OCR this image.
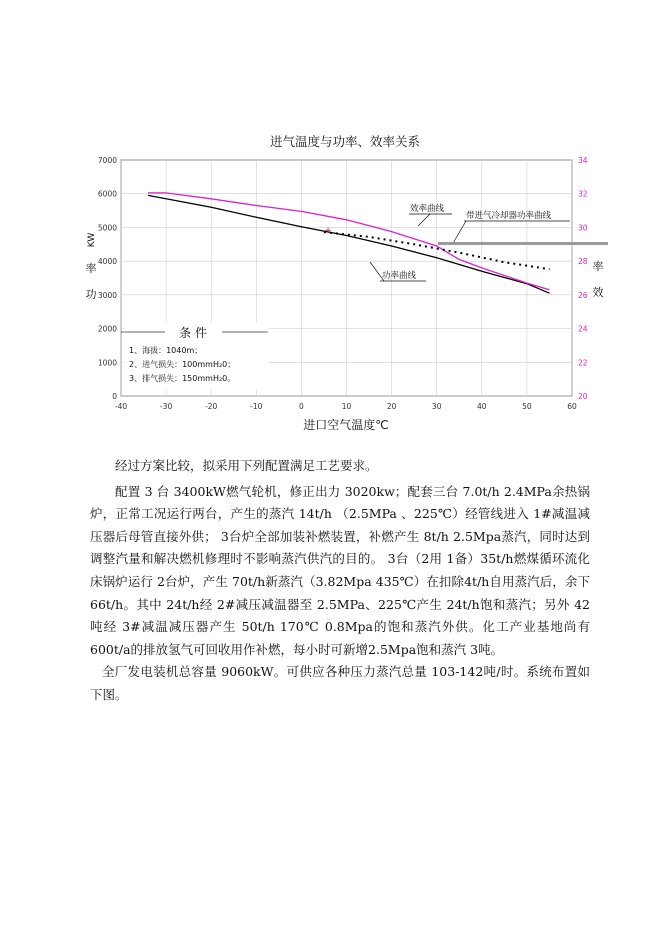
进气温度与功率、效率关系
0
1000
2000
3000
4000
5000
6000
7000
20
22
24
26
28
30
32
34
-40	-30	-20	-10	0	10	20	30	40	50	60
条 件
1、海拔：1040m；
2、进气损失：100mmH₂0；
3、排气损失：150mmH₂0。
效率曲线
带进气冷却器功率曲线
功率曲线
+
进口空气温度℃
功
率
KW
效
率

经过方案比较，拟采用下列配置满足工艺要求。

配置 3 台 3400kW燃气轮机，修正出力 3020kw；配套三台 7.0t/h 2.4MPa余热锅炉，正常工况运行两台，产生的蒸汽 14t/h （2.5MPa 、225℃）经管线进入 1#减温减压器后母管直接外供； 3台炉全部加装补燃装置，补燃产生 8t/h 2.5Mpa蒸汽，同时达到调整汽量和解决燃机修理时不影响蒸汽供汽的目的。 3台（2用 1备）35t/h燃煤循环流化床锅炉运行 2台炉，产生 70t/h新蒸汽（3.82Mpa 435℃）在扣除4t/h自用蒸汽后，余下 66t/h。其中 24t/h经 2#减压减温器至 2.5MPa、225℃产生 24t/h饱和蒸汽；另外 42吨经 3#减温减压器产生 50t/h 170℃ 0.8Mpa的饱和蒸汽外供。化工产业基地尚有 600t/a的排放氢气可回收用作补燃，每小时可新增2.5Mpa饱和蒸汽 3吨。

全厂发电装机总容量 9060kW。可供应各种压力蒸汽总量 103-142吨/时。系统布置如下图。
